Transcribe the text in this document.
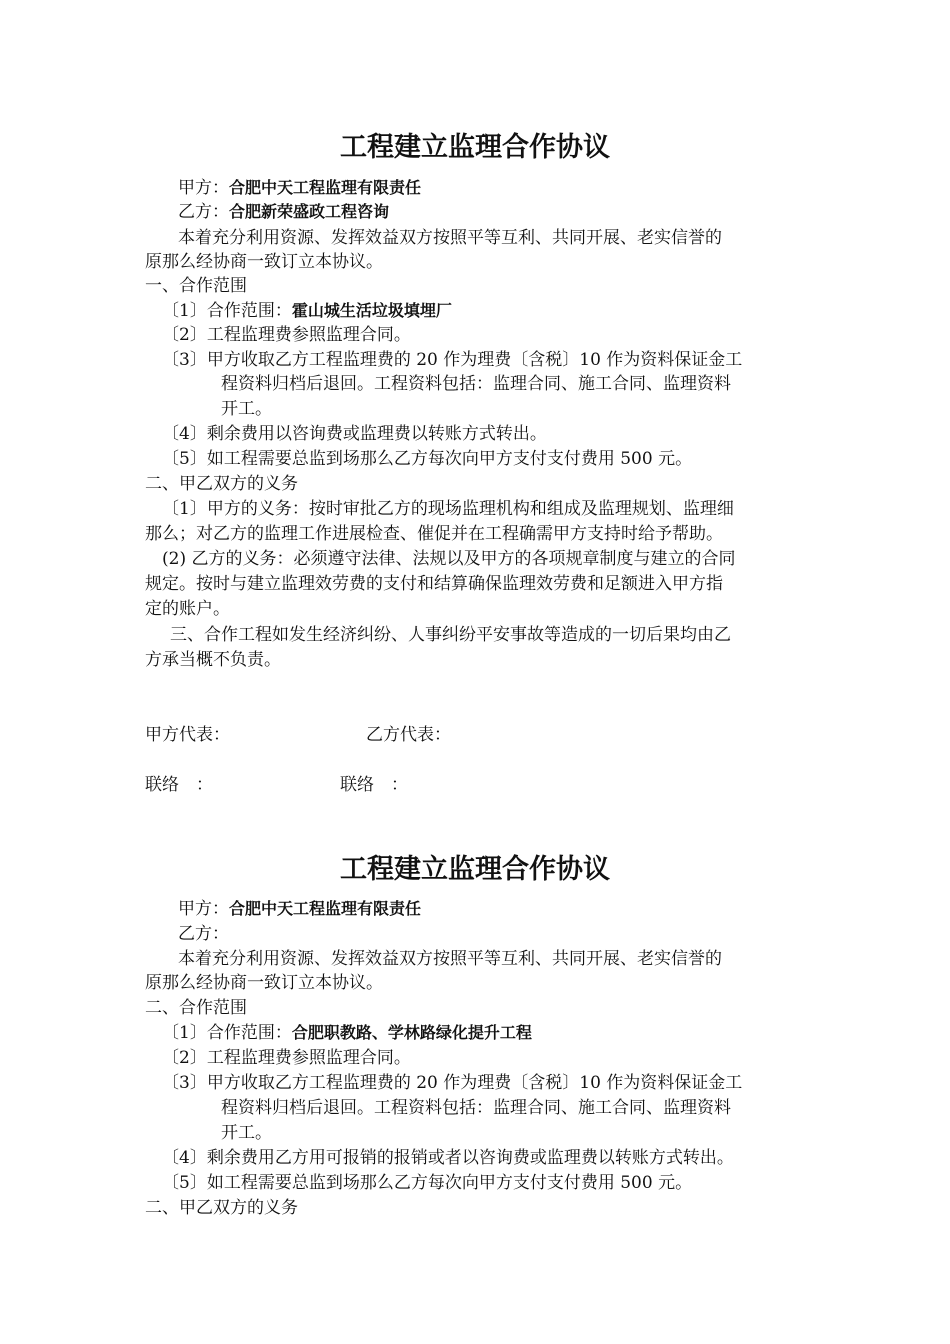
工程建立监理合作协议
甲方：合肥中天工程监理有限责任
乙方：合肥新荣盛政工程咨询
本着充分利用资源、发挥效益双方按照平等互利、共同开展、老实信誉的
原那么经协商一致订立本协议。
一、合作范围
〔1〕合作范围：霍山城生活垃圾填埋厂
〔2〕工程监理费参照监理合同。
〔3〕甲方收取乙方工程监理费的 20 作为理费〔含税〕10 作为资料保证金工
程资料归档后退回。工程资料包括：监理合同、施工合同、监理资料
开工。
〔4〕剩余费用以咨询费或监理费以转账方式转出。
〔5〕如工程需要总监到场那么乙方每次向甲方支付支付费用 500 元。
二、甲乙双方的义务
〔1〕甲方的义务：按时审批乙方的现场监理机构和组成及监理规划、监理细
那么；对乙方的监理工作进展检查、催促并在工程确需甲方支持时给予帮助。
(2) 乙方的义务：必须遵守法律、法规以及甲方的各项规章制度与建立的合同
规定。按时与建立监理效劳费的支付和结算确保监理效劳费和足额进入甲方指
定的账户。
三、合作工程如发生经济纠纷、人事纠纷平安事故等造成的一切后果均由乙
方承当概不负责。
甲方代表：	乙方代表：
联络　：	联络　：
工程建立监理合作协议
甲方：合肥中天工程监理有限责任
乙方：
本着充分利用资源、发挥效益双方按照平等互利、共同开展、老实信誉的
原那么经协商一致订立本协议。
二、合作范围
〔1〕合作范围：合肥职教路、学林路绿化提升工程
〔2〕工程监理费参照监理合同。
〔3〕甲方收取乙方工程监理费的 20 作为理费〔含税〕10 作为资料保证金工
程资料归档后退回。工程资料包括：监理合同、施工合同、监理资料
开工。
〔4〕剩余费用乙方用可报销的报销或者以咨询费或监理费以转账方式转出。
〔5〕如工程需要总监到场那么乙方每次向甲方支付支付费用 500 元。
二、甲乙双方的义务
